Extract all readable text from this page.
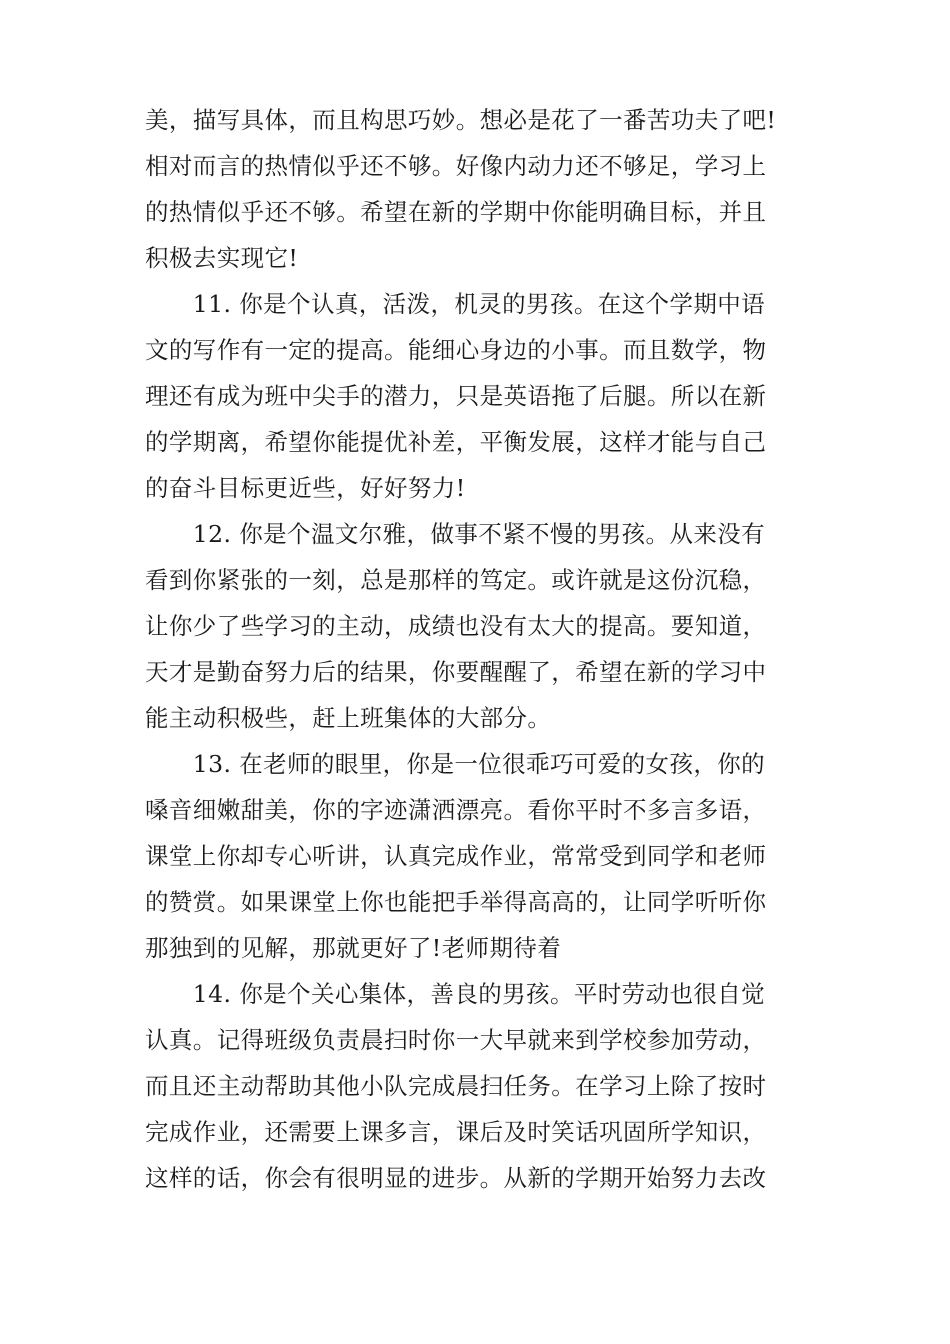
美，描写具体，而且构思巧妙。想必是花了一番苦功夫了吧!
相对而言的热情似乎还不够。好像内动力还不够足，学习上
的热情似乎还不够。希望在新的学期中你能明确目标，并且
积极去实现它!
　　11. 你是个认真，活泼，机灵的男孩。在这个学期中语
文的写作有一定的提高。能细心身边的小事。而且数学，物
理还有成为班中尖手的潜力，只是英语拖了后腿。所以在新
的学期离，希望你能提优补差，平衡发展，这样才能与自己
的奋斗目标更近些，好好努力!
　　12. 你是个温文尔雅，做事不紧不慢的男孩。从来没有
看到你紧张的一刻，总是那样的笃定。或许就是这份沉稳，
让你少了些学习的主动，成绩也没有太大的提高。要知道，
天才是勤奋努力后的结果，你要醒醒了，希望在新的学习中
能主动积极些，赶上班集体的大部分。
　　13. 在老师的眼里，你是一位很乖巧可爱的女孩，你的
嗓音细嫩甜美，你的字迹潇洒漂亮。看你平时不多言多语，
课堂上你却专心听讲，认真完成作业，常常受到同学和老师
的赞赏。如果课堂上你也能把手举得高高的，让同学听听你
那独到的见解，那就更好了!老师期待着
　　14. 你是个关心集体，善良的男孩。平时劳动也很自觉
认真。记得班级负责晨扫时你一大早就来到学校参加劳动，
而且还主动帮助其他小队完成晨扫任务。在学习上除了按时
完成作业，还需要上课多言，课后及时笑话巩固所学知识，
这样的话，你会有很明显的进步。从新的学期开始努力去改
